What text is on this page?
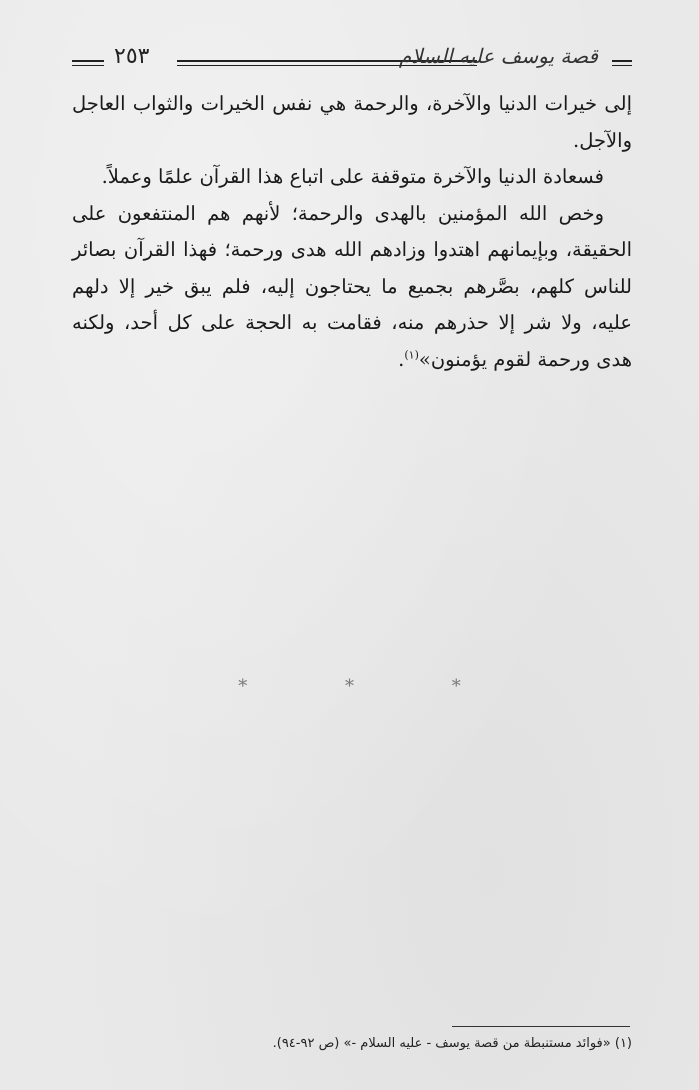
٢٥٣	قصة يوسف عليه السلام

إلى خيرات الدنيا والآخرة، والرحمة هي نفس الخيرات والثواب العاجل والآجل.

فسعادة الدنيا والآخرة متوقفة على اتباع هذا القرآن علمًا وعملاً.

وخص الله المؤمنين بالهدى والرحمة؛ لأنهم هم المنتفعون على الحقيقة، وبإيمانهم اهتدوا وزادهم الله هدى ورحمة؛ فهذا القرآن بصائر للناس كلهم، بصَّرهم بجميع ما يحتاجون إليه، فلم يبق خير إلا دلهم عليه، ولا شر إلا حذرهم منه، فقامت به الحجة على كل أحد، ولكنه هدى ورحمة لقوم يؤمنون»$^{(١)}$.

* * *
(١) «فوائد مستنبطة من قصة يوسف - عليه السلام -» (ص ٩٢-٩٤).
